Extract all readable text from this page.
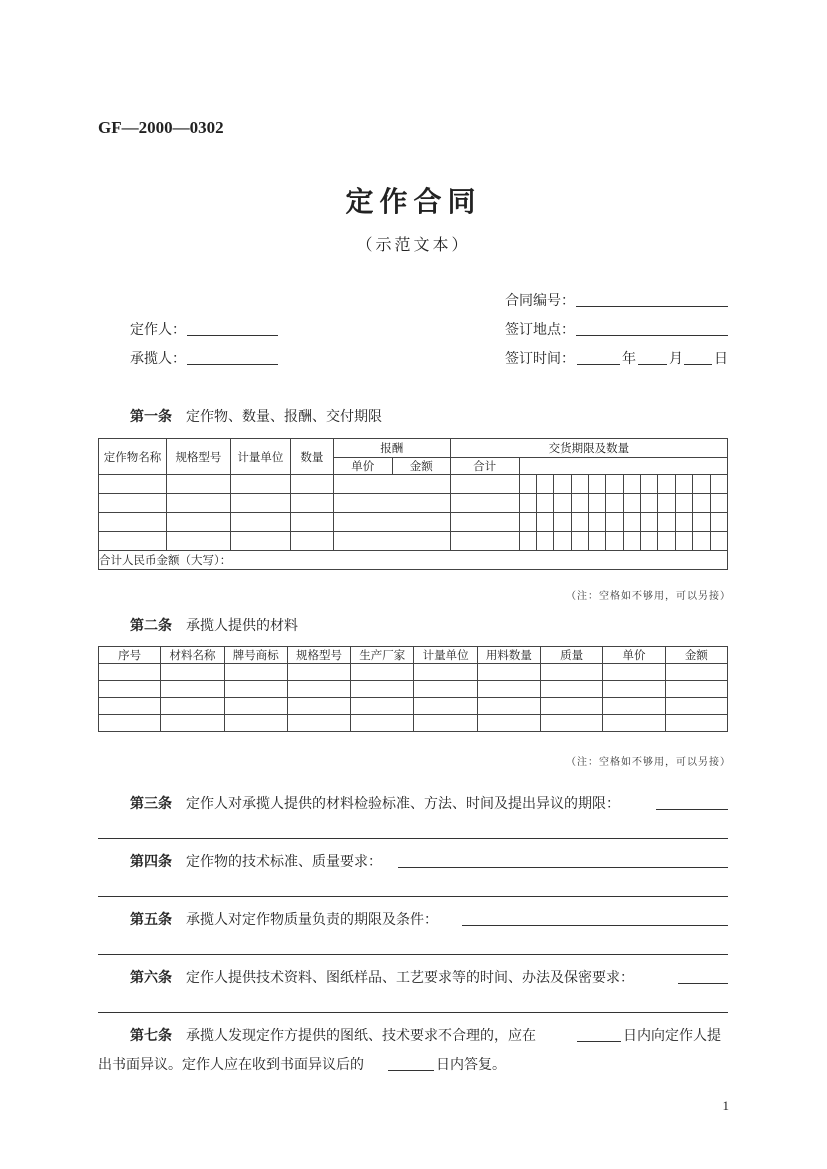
GF—2000—0302
定作合同
（示范文本）
合同编号：
定作人：	签订地点：
承揽人：	签订时间：	年 月 日
第一条 定作物、数量、报酬、交付期限
定作物名称	规格型号	计量单位	数量	报酬		交货期限及数量												
				单价	金额	合计												

合计人民币金额（大写）：																		
（注：空格如不够用，可以另接）
第二条 承揽人提供的材料
序号	材料名称	牌号商标	规格型号	生产厂家	计量单位	用料数量	质量	单价	金额

（注：空格如不够用，可以另接）
第三条 定作人对承揽人提供的材料检验标准、方法、时间及提出异议的期限：
第四条 定作物的技术标准、质量要求：
第五条 承揽人对定作物质量负责的期限及条件：
第六条 定作人提供技术资料、图纸样品、工艺要求等的时间、办法及保密要求：
第七条 承揽人发现定作方提供的图纸、技术要求不合理的，应在	日内向定作人提
出书面异议。定作人应在收到书面异议后的	日内答复。
1
